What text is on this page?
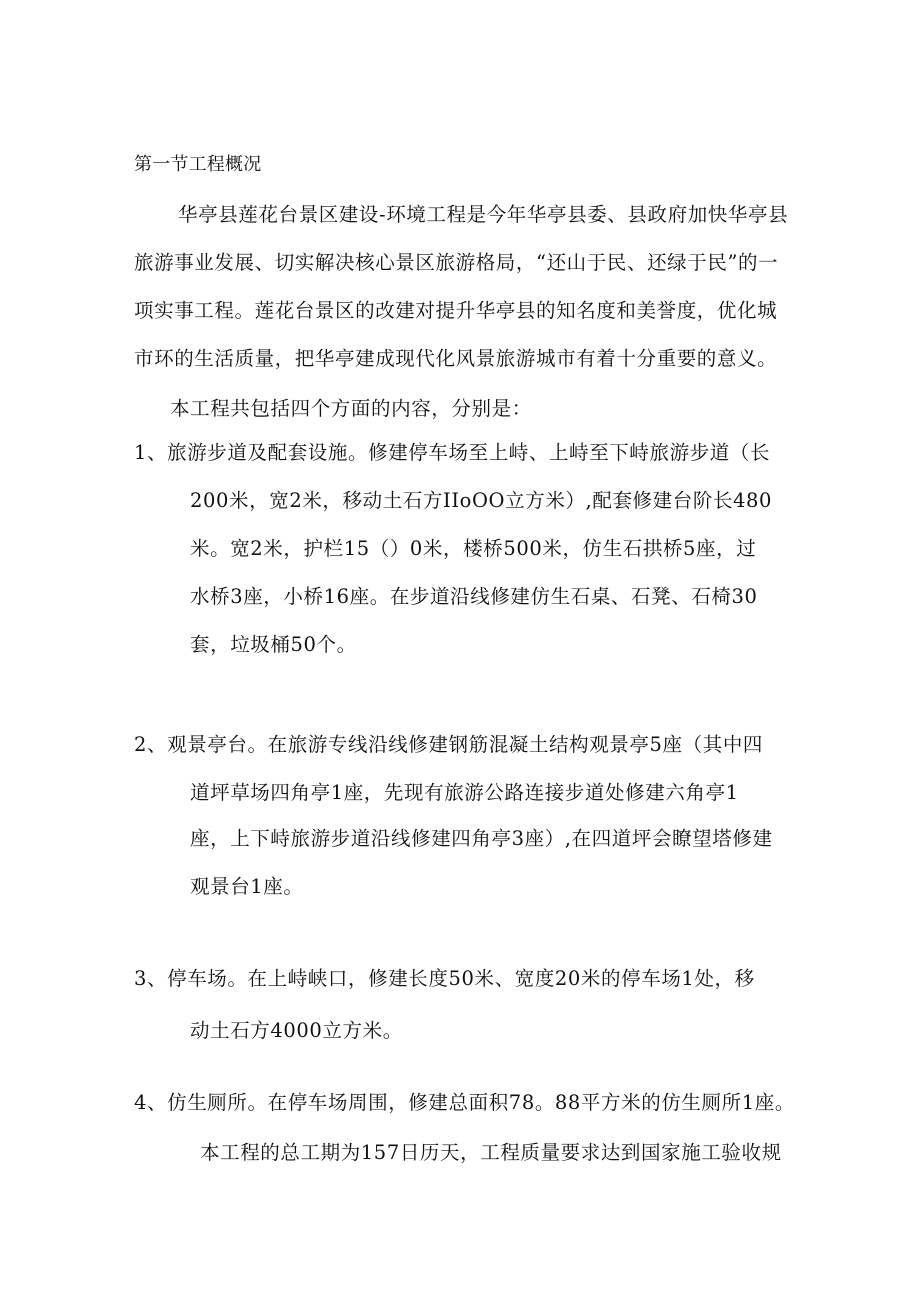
第一节工程概况
华亭县莲花台景区建设-环境工程是今年华亭县委、县政府加快华亭县
旅游事业发展、切实解决核心景区旅游格局，“还山于民、还绿于民”的一
项实事工程。莲花台景区的改建对提升华亭县的知名度和美誉度，优化城
市环的生活质量，把华亭建成现代化风景旅游城市有着十分重要的意义。
本工程共包括四个方面的内容，分别是：
1、旅游步道及配套设施。修建停车场至上峙、上峙至下峙旅游步道（长
200米，宽2米，移动土石方IIoOO立方米）,配套修建台阶长480
米。宽2米，护栏15（）0米，楼桥500米，仿生石拱桥5座，过
水桥3座，小桥16座。在步道沿线修建仿生石桌、石凳、石椅30
套，垃圾桶50个。
2、观景亭台。在旅游专线沿线修建钢筋混凝土结构观景亭5座（其中四
道坪草场四角亭1座，先现有旅游公路连接步道处修建六角亭1
座，上下峙旅游步道沿线修建四角亭3座）,在四道坪会瞭望塔修建
观景台1座。
3、停车场。在上峙峡口，修建长度50米、宽度20米的停车场1处，移
动土石方4000立方米。
4、仿生厕所。在停车场周围，修建总面积78。88平方米的仿生厕所1座。
本工程的总工期为157日历天，工程质量要求达到国家施工验收规
